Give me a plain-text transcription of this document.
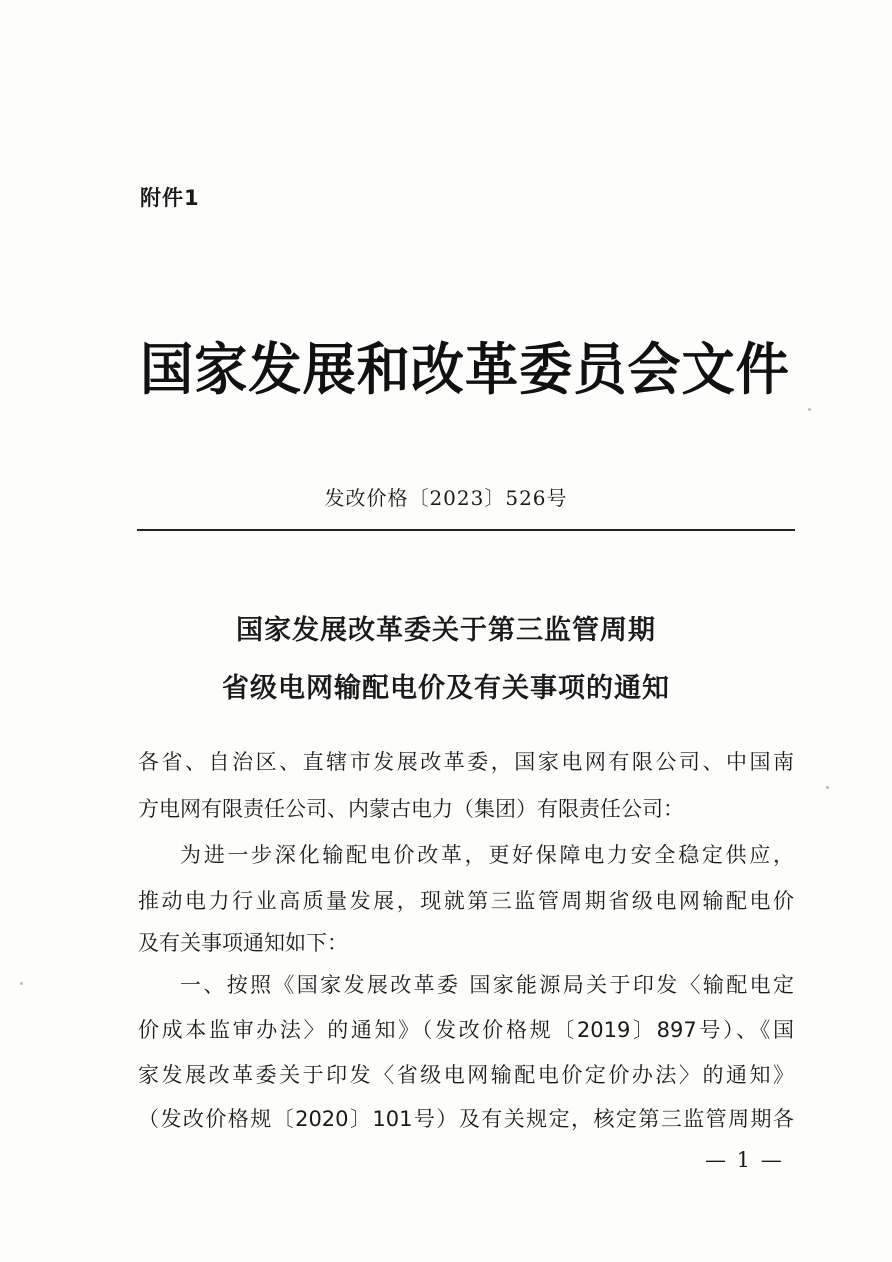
附件1
国家发展和改革委员会文件
发改价格〔2023〕526号
国家发展改革委关于第三监管周期
省级电网输配电价及有关事项的通知
各省、自治区、直辖市发展改革委，国家电网有限公司、中国南
方电网有限责任公司、内蒙古电力（集团）有限责任公司：
为进一步深化输配电价改革，更好保障电力安全稳定供应，
推动电力行业高质量发展，现就第三监管周期省级电网输配电价
及有关事项通知如下：
一、按照《国家发展改革委 国家能源局关于印发〈输配电定
价成本监审办法〉的通知》（发改价格规〔2019〕897号）、《国
家发展改革委关于印发〈省级电网输配电价定价办法〉的通知》
（发改价格规〔2020〕101号）及有关规定，核定第三监管周期各
— 1 —
